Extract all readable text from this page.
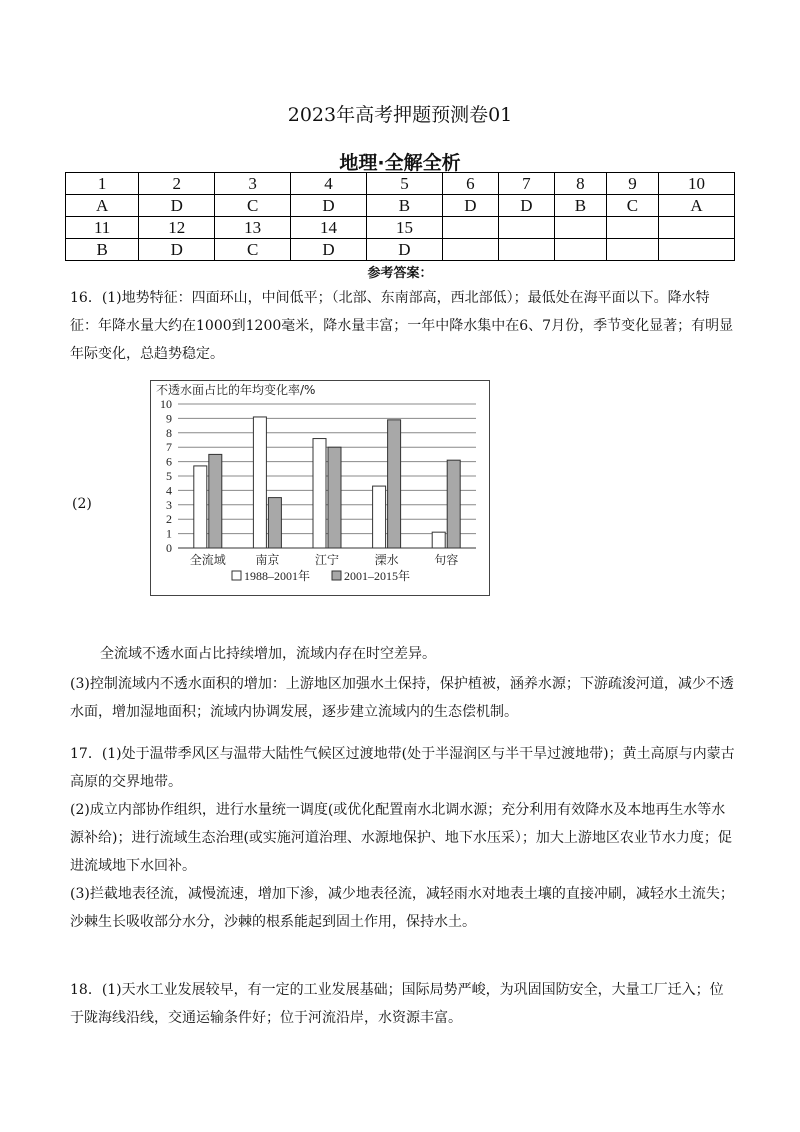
2023年高考押题预测卷01
地理·全解全析
1	2	3	4	5	6	7	8	9	10
A	D	C	D	B	D	D	B	C	A
11	12	13	14	15					
B	D	C	D	D					
参考答案：

16．(1)地势特征：四面环山，中间低平；（北部、东南部高，西北部低）；最低处在海平面以下。降水特征：年降水量大约在1000到1200毫米，降水量丰富；一年中降水集中在6、7月份，季节变化显著；有明显年际变化，总趋势稳定。

(2)
不透水面占比的年均变化率/%
0
1
2
3
4
5
6
7
8
9
10
全流域 南京	江宁	溧水	句容
1988–2001年	2001–2015年

全流域不透水面占比持续增加，流域内存在时空差异。

(3)控制流域内不透水面积的增加：上游地区加强水土保持，保护植被，涵养水源；下游疏浚河道，减少不透水面，增加湿地面积；流域内协调发展，逐步建立流域内的生态偿机制。

17．(1)处于温带季风区与温带大陆性气候区过渡地带(处于半湿润区与半干旱过渡地带)；黄土高原与内蒙古高原的交界地带。

(2)成立内部协作组织，进行水量统一调度(或优化配置南水北调水源；充分利用有效降水及本地再生水等水源补给)；进行流域生态治理(或实施河道治理、水源地保护、地下水压采）；加大上游地区农业节水力度；促进流域地下水回补。

(3)拦截地表径流，减慢流速，增加下渗，减少地表径流，减轻雨水对地表土壤的直接冲刷，减轻水土流失；沙棘生长吸收部分水分，沙棘的根系能起到固土作用，保持水土。

18．(1)天水工业发展较早，有一定的工业发展基础；国际局势严峻，为巩固国防安全，大量工厂迁入；位于陇海线沿线，交通运输条件好；位于河流沿岸，水资源丰富。
